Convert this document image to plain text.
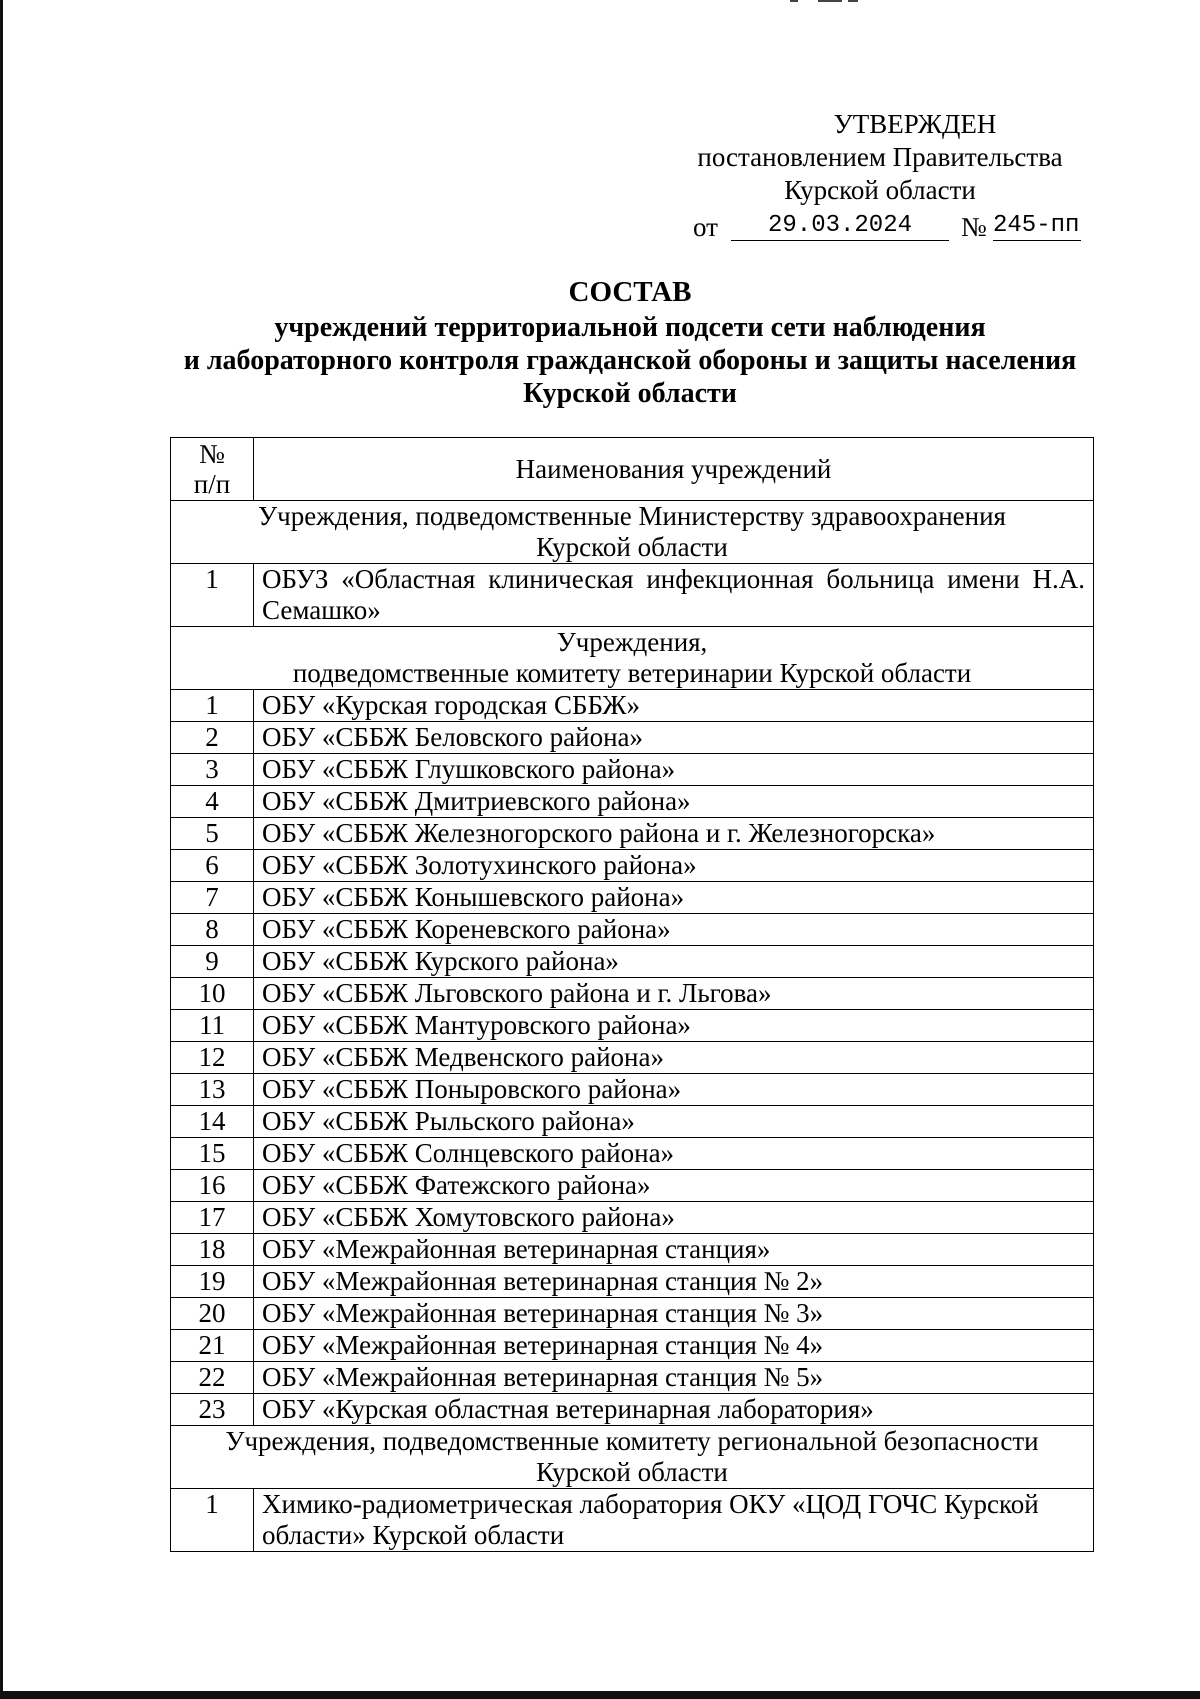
УТВЕРЖДЕН
постановлением Правительства
Курской области
от	29.03.2024	№ 245-пп
СОСТАВ
учреждений территориальной подсети сети наблюдения
и лабораторного контроля гражданской обороны и защиты населения
Курской области
№
п/п	Наименования учреждений

Учреждения, подведомственные Министерству здравоохранения
Курской области	

1	ОБУЗ «Областная клиническая инфекционная больница имени Н.А. Семашко»

Учреждения,
подведомственные комитету ветеринарии Курской области	

1	ОБУ «Курская городская СББЖ»
2	ОБУ «СББЖ Беловского района»
3	ОБУ «СББЖ Глушковского района»
4	ОБУ «СББЖ Дмитриевского района»
5	ОБУ «СББЖ Железногорского района и г. Железногорска»
6	ОБУ «СББЖ Золотухинского района»
7	ОБУ «СББЖ Конышевского района»
8	ОБУ «СББЖ Кореневского района»
9	ОБУ «СББЖ Курского района»
10	ОБУ «СББЖ Льговского района и г. Льгова»
11	ОБУ «СББЖ Мантуровского района»
12	ОБУ «СББЖ Медвенского района»
13	ОБУ «СББЖ Поныровского района»
14	ОБУ «СББЖ Рыльского района»
15	ОБУ «СББЖ Солнцевского района»
16	ОБУ «СББЖ Фатежского района»
17	ОБУ «СББЖ Хомутовского района»
18	ОБУ «Межрайонная ветеринарная станция»
19	ОБУ «Межрайонная ветеринарная станция № 2»
20	ОБУ «Межрайонная ветеринарная станция № 3»
21	ОБУ «Межрайонная ветеринарная станция № 4»
22	ОБУ «Межрайонная ветеринарная станция № 5»
23	ОБУ «Курская областная ветеринарная лаборатория»

Учреждения, подведомственные комитету региональной безопасности
Курской области	

1	Химико-радиометрическая лаборатория ОКУ «ЦОД ГОЧС Курской области» Курской области
